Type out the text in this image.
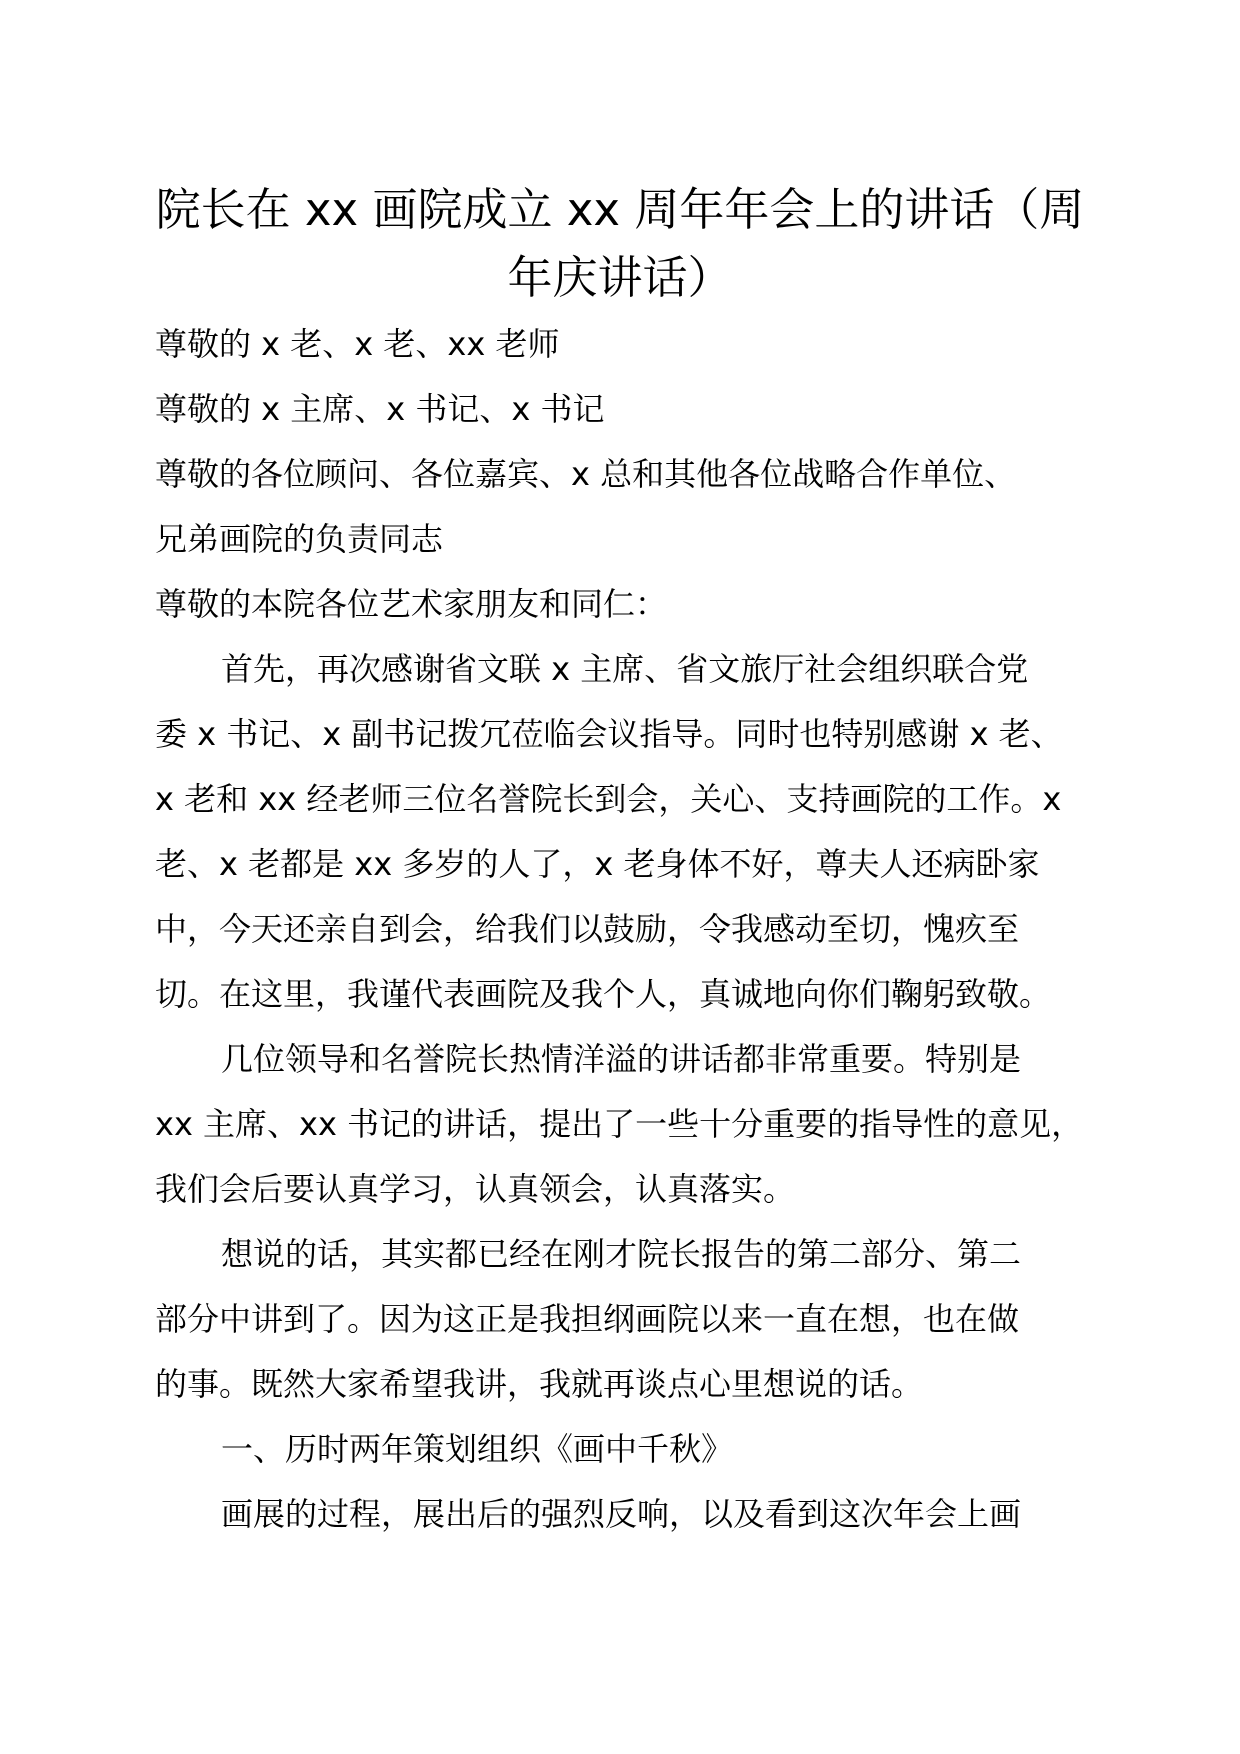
院长在 xx 画院成立 xx 周年年会上的讲话（周
年庆讲话）
尊敬的 x 老、x 老、xx 老师
尊敬的 x 主席、x 书记、x 书记
尊敬的各位顾问、各位嘉宾、x 总和其他各位战略合作单位、
兄弟画院的负责同志
尊敬的本院各位艺术家朋友和同仁：
首先，再次感谢省文联 x 主席、省文旅厅社会组织联合党
委 x 书记、x 副书记拨冗莅临会议指导。同时也特别感谢 x 老、
x 老和 xx 经老师三位名誉院长到会，关心、支持画院的工作。x
老、x 老都是 xx 多岁的人了，x 老身体不好，尊夫人还病卧家
中，今天还亲自到会，给我们以鼓励，令我感动至切，愧疚至
切。在这里，我谨代表画院及我个人，真诚地向你们鞠躬致敬。
几位领导和名誉院长热情洋溢的讲话都非常重要。特别是
xx 主席、xx 书记的讲话，提出了一些十分重要的指导性的意见，
我们会后要认真学习，认真领会，认真落实。
想说的话，其实都已经在刚才院长报告的第二部分、第二
部分中讲到了。因为这正是我担纲画院以来一直在想，也在做
的事。既然大家希望我讲，我就再谈点心里想说的话。
一、历时两年策划组织《画中千秋》
画展的过程，展出后的强烈反响，以及看到这次年会上画
